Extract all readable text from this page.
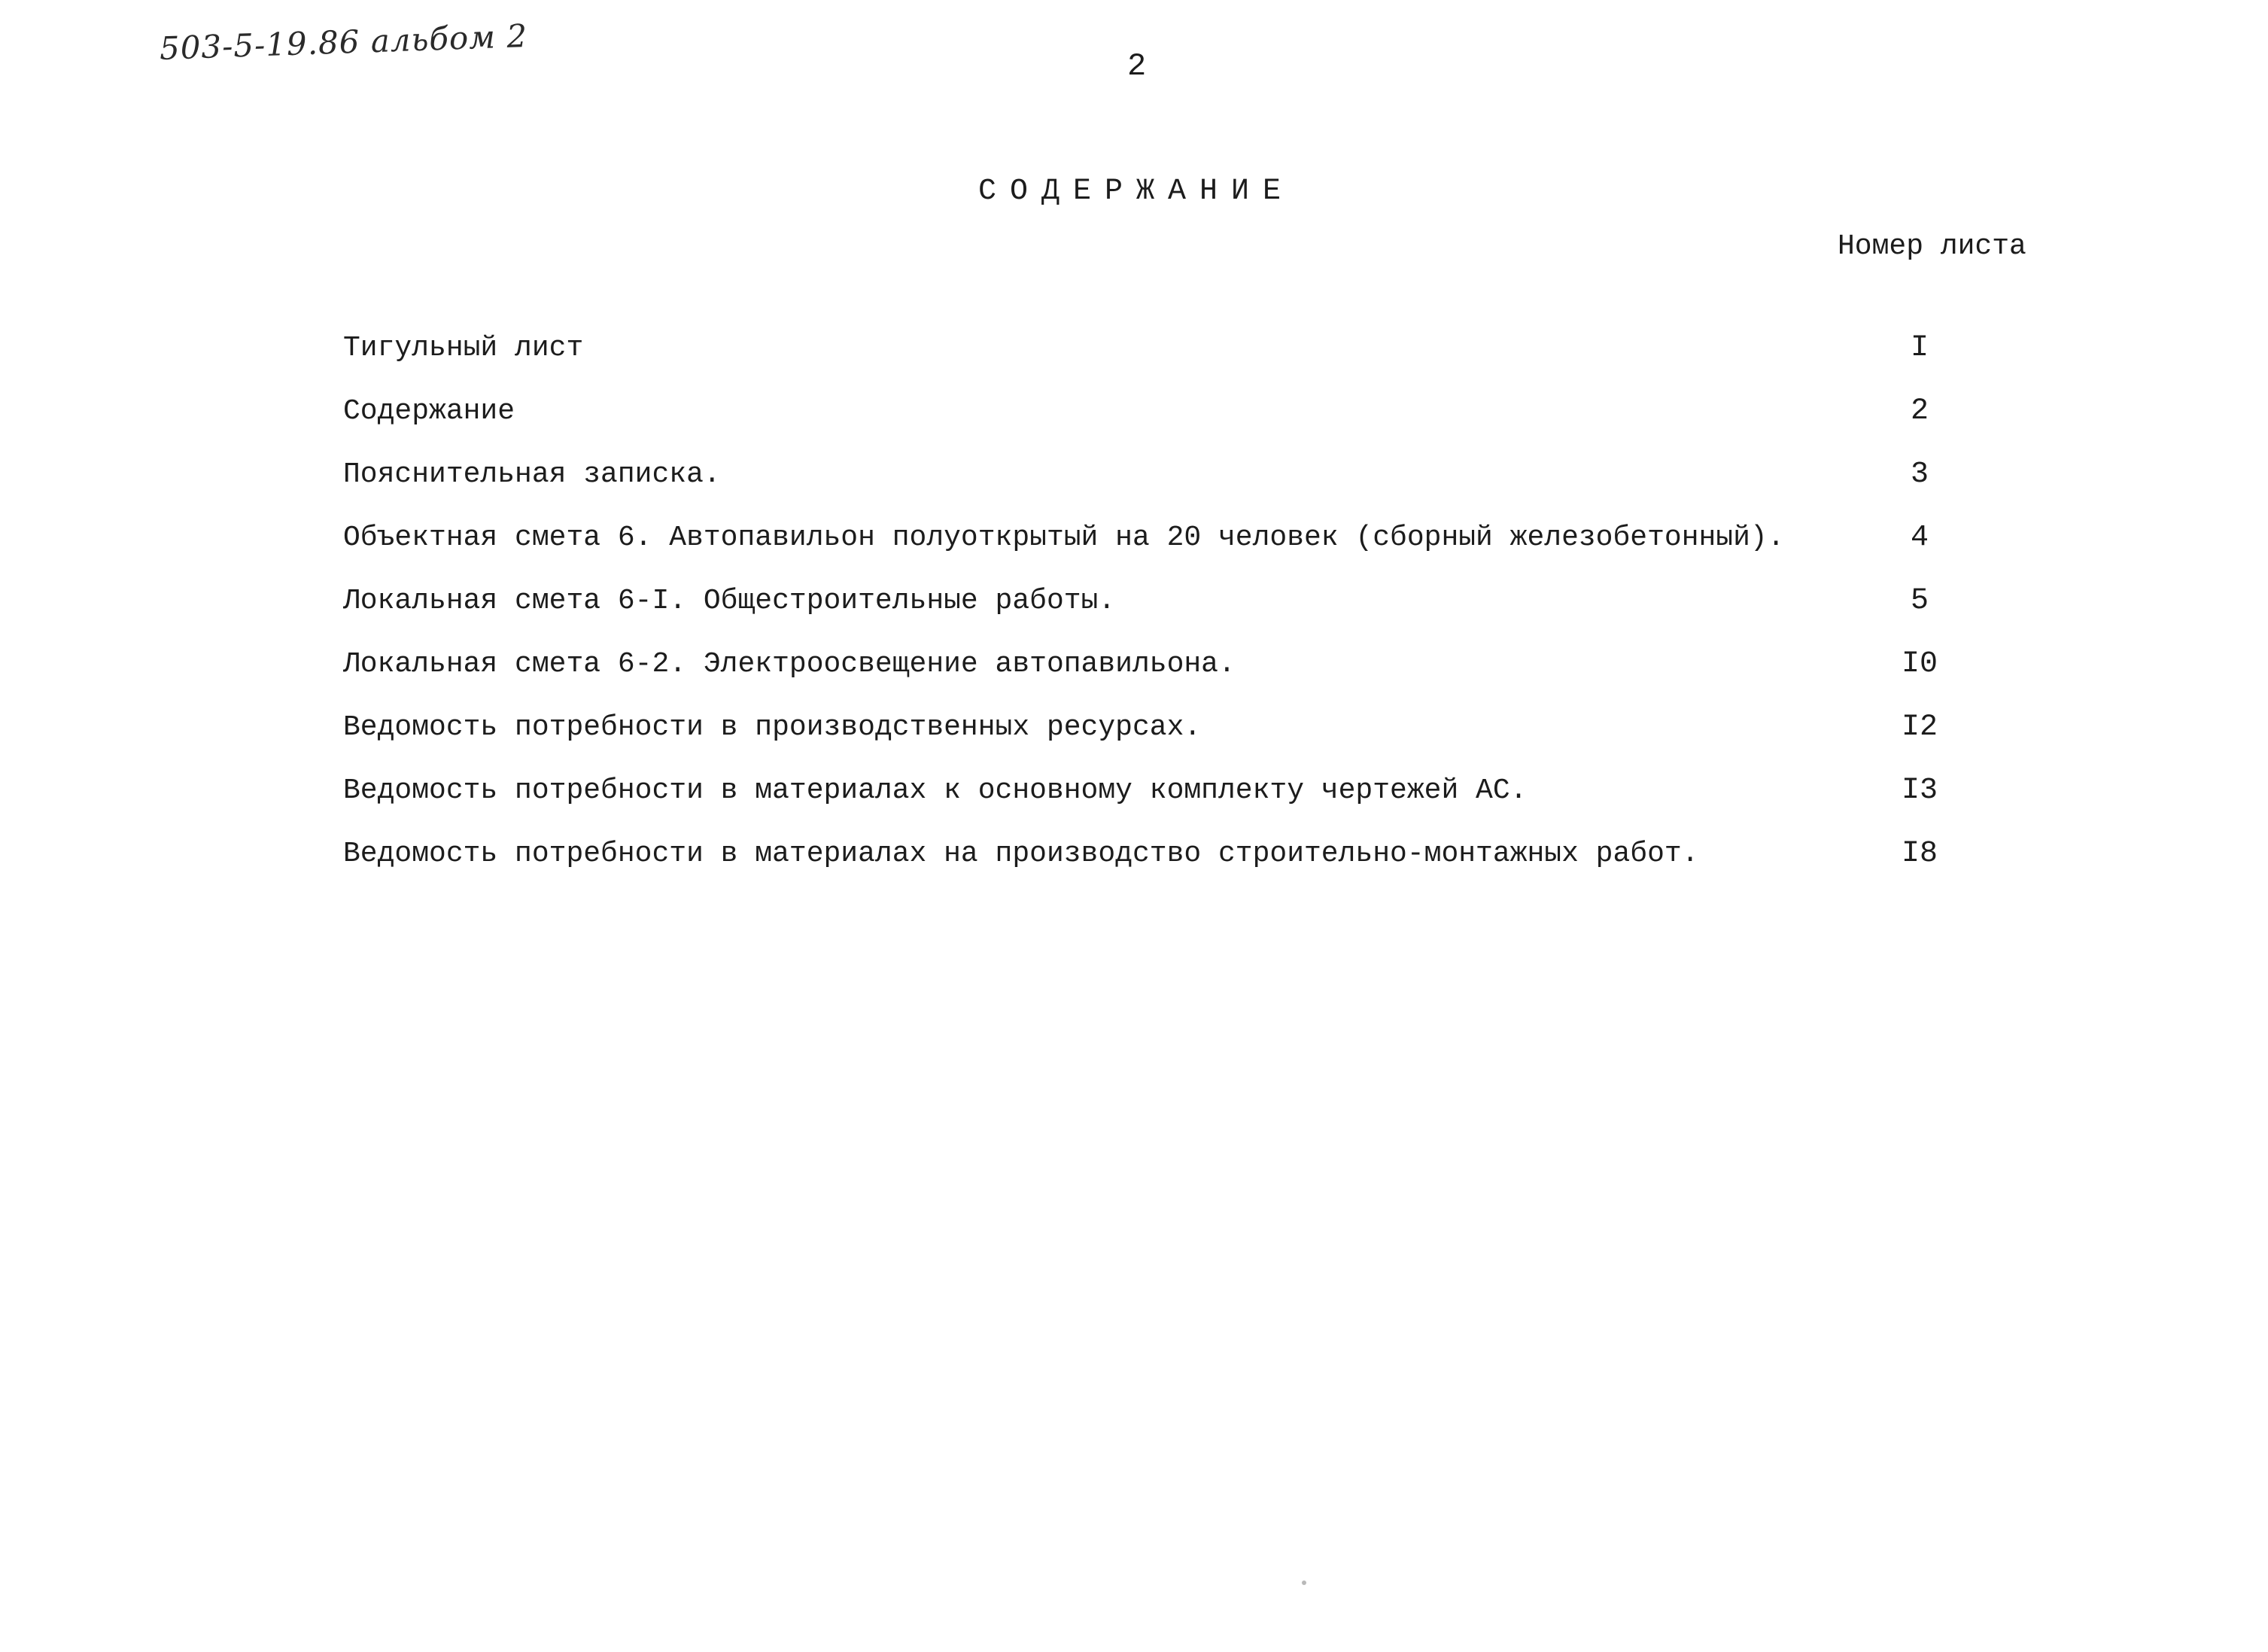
503-5-19.86 альбом 2	2
СОДЕРЖАНИЕ
Номер листа
Тигульный лист	I
Содержание	2
Пояснительная записка.	3
Объектная смета 6. Автопавильон полуоткрытый на 20 человек (сборный железобетонный).	4
Локальная смета 6-I. Общестроительные работы.	5
Локальная смета 6-2. Электроосвещение автопавильона.	I0
Ведомость потребности в производственных ресурсах.	I2
Ведомость потребности в материалах к основному комплекту чертежей АС.	I3
Ведомость потребности в материалах на производство строительно-монтажных работ.	I8
